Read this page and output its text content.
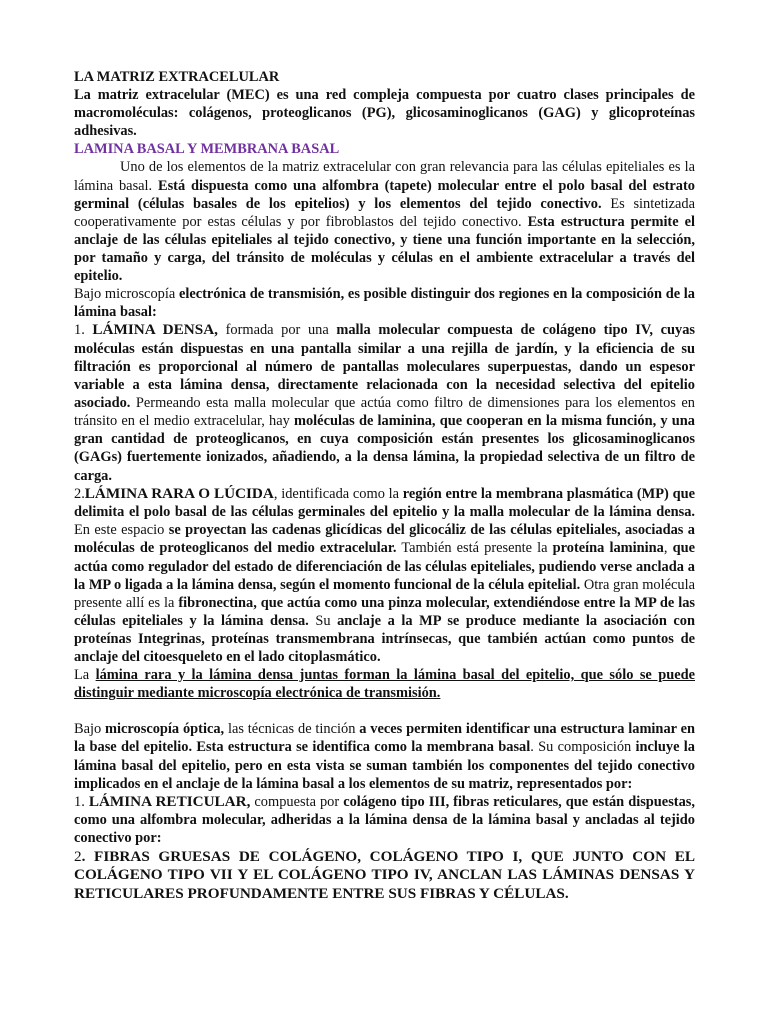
LA MATRIZ EXTRACELULAR

La matriz extracelular (MEC) es una red compleja compuesta por cuatro clases principales de macromoléculas: colágenos, proteoglicanos (PG), glicosaminoglicanos (GAG) y glicoproteínas adhesivas.

LAMINA BASAL Y MEMBRANA BASAL

Uno de los elementos de la matriz extracelular con gran relevancia para las células epiteliales es la lámina basal. Está dispuesta como una alfombra (tapete) molecular entre el polo basal del estrato germinal (células basales de los epitelios) y los elementos del tejido conectivo. Es sintetizada cooperativamente por estas células y por fibroblastos del tejido conectivo. Esta estructura permite el anclaje de las células epiteliales al tejido conectivo, y tiene una función importante en la selección, por tamaño y carga, del tránsito de moléculas y células en el ambiente extracelular a través del epitelio.

Bajo microscopía electrónica de transmisión, es posible distinguir dos regiones en la composición de la lámina basal:

1. LÁMINA DENSA, formada por una malla molecular compuesta de colágeno tipo IV, cuyas moléculas están dispuestas en una pantalla similar a una rejilla de jardín, y la eficiencia de su filtración es proporcional al número de pantallas moleculares superpuestas, dando un espesor variable a esta lámina densa, directamente relacionada con la necesidad selectiva del epitelio asociado. Permeando esta malla molecular que actúa como filtro de dimensiones para los elementos en tránsito en el medio extracelular, hay moléculas de laminina, que cooperan en la misma función, y una gran cantidad de proteoglicanos, en cuya composición están presentes los glicosaminoglicanos (GAGs) fuertemente ionizados, añadiendo, a la densa lámina, la propiedad selectiva de un filtro de carga.

2.LÁMINA RARA O LÚCIDA, identificada como la región entre la membrana plasmática (MP) que delimita el polo basal de las células germinales del epitelio y la malla molecular de la lámina densa. En este espacio se proyectan las cadenas glicídicas del glicocáliz de las células epiteliales, asociadas a moléculas de proteoglicanos del medio extracelular. También está presente la proteína laminina, que actúa como regulador del estado de diferenciación de las células epiteliales, pudiendo verse anclada a la MP o ligada a la lámina densa, según el momento funcional de la célula epitelial. Otra gran molécula presente allí es la fibronectina, que actúa como una pinza molecular, extendiéndose entre la MP de las células epiteliales y la lámina densa. Su anclaje a la MP se produce mediante la asociación con proteínas Integrinas, proteínas transmembrana intrínsecas, que también actúan como puntos de anclaje del citoesqueleto en el lado citoplasmático.

La lámina rara y la lámina densa juntas forman la lámina basal del epitelio, que sólo se puede distinguir mediante microscopía electrónica de transmisión.

Bajo microscopía óptica, las técnicas de tinción a veces permiten identificar una estructura laminar en la base del epitelio. Esta estructura se identifica como la membrana basal. Su composición incluye la lámina basal del epitelio, pero en esta vista se suman también los componentes del tejido conectivo implicados en el anclaje de la lámina basal a los elementos de su matriz, representados por:

1. LÁMINA RETICULAR, compuesta por colágeno tipo III, fibras reticulares, que están dispuestas, como una alfombra molecular, adheridas a la lámina densa de la lámina basal y ancladas al tejido conectivo por:

2. FIBRAS GRUESAS DE COLÁGENO, COLÁGENO TIPO I, QUE JUNTO CON EL COLÁGENO TIPO VII Y EL COLÁGENO TIPO IV, ANCLAN LAS LÁMINAS DENSAS Y RETICULARES PROFUNDAMENTE ENTRE SUS FIBRAS Y CÉLULAS.
